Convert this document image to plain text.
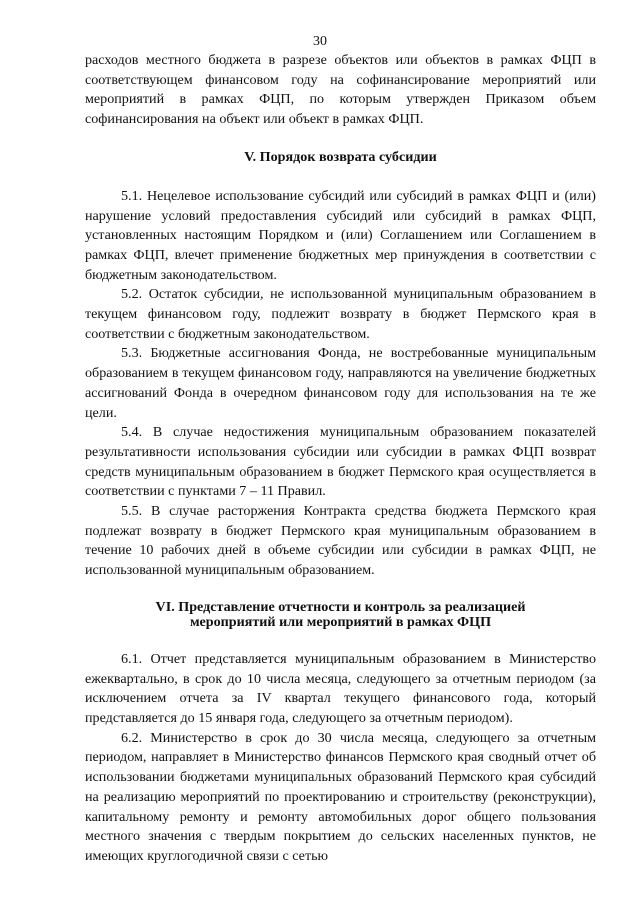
30

расходов местного бюджета в разрезе объектов или объектов в рамках ФЦП в соответствующем финансовом году на софинансирование мероприятий или мероприятий в рамках ФЦП, по которым утвержден Приказом объем софинансирования на объект или объект в рамках ФЦП.

V. Порядок возврата субсидии

5.1. Нецелевое использование субсидий или субсидий в рамках ФЦП и (или) нарушение условий предоставления субсидий или субсидий в рамках ФЦП, установленных настоящим Порядком и (или) Соглашением или Соглашением в рамках ФЦП, влечет применение бюджетных мер принуждения в соответствии с бюджетным законодательством.

5.2. Остаток субсидии, не использованной муниципальным образованием в текущем финансовом году, подлежит возврату в бюджет Пермского края в соответствии с бюджетным законодательством.

5.3. Бюджетные ассигнования Фонда, не востребованные муниципальным образованием в текущем финансовом году, направляются на увеличение бюджетных ассигнований Фонда в очередном финансовом году для использования на те же цели.

5.4. В случае недостижения муниципальным образованием показателей результативности использования субсидии или субсидии в рамках ФЦП возврат средств муниципальным образованием в бюджет Пермского края осуществляется в соответствии с пунктами 7 – 11 Правил.

5.5. В случае расторжения Контракта средства бюджета Пермского края подлежат возврату в бюджет Пермского края муниципальным образованием в течение 10 рабочих дней в объеме субсидии или субсидии в рамках ФЦП, не использованной муниципальным образованием.

VI. Представление отчетности и контроль за реализацией
мероприятий или мероприятий в рамках ФЦП

6.1. Отчет представляется муниципальным образованием в Министерство ежеквартально, в срок до 10 числа месяца, следующего за отчетным периодом (за исключением отчета за IV квартал текущего финансового года, который представляется до 15 января года, следующего за отчетным периодом).

6.2. Министерство в срок до 30 числа месяца, следующего за отчетным периодом, направляет в Министерство финансов Пермского края сводный отчет об использовании бюджетами муниципальных образований Пермского края субсидий на реализацию мероприятий по проектированию и строительству (реконструкции), капитальному ремонту и ремонту автомобильных дорог общего пользования местного значения с твердым покрытием до сельских населенных пунктов, не имеющих круглогодичной связи с сетью
